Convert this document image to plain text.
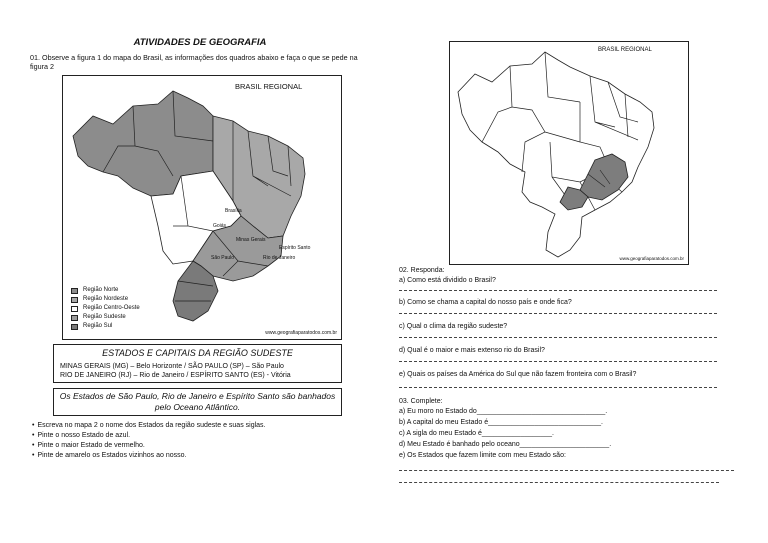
ATIVIDADES DE GEOGRAFIA
01. Observe a figura 1 do mapa do Brasil, as informações dos quadros abaixo e faça o que se pede na figura 2
BRASIL REGIONAL
Brasília
Goiás
Minas Gerais
Espírito Santo
Rio de Janeiro
São Paulo
Região Norte
Região Nordeste
Região Centro-Oeste
Região Sudeste
Região Sul
www.geografiaparatodos.com.br
ESTADOS E CAPITAIS DA REGIÃO SUDESTE
MINAS GERAIS (MG) – Belo Horizonte / SÃO PAULO (SP) – São Paulo
RIO DE JANEIRO (RJ) – Rio de Janeiro / ESPÍRITO SANTO (ES) - Vitória
Os Estados de São Paulo, Rio de Janeiro e Espírito Santo são banhados pelo Oceano Atlântico.
• Escreva no mapa 2 o nome dos Estados da região sudeste e suas siglas.
• Pinte o nosso Estado de azul.
• Pinte o maior Estado de vermelho.
• Pinte de amarelo os Estados vizinhos ao nosso.
BRASIL REGIONAL
www.geografiaparatodos.com.br
02. Responda:
a) Como está dividido o Brasil?
b) Como se chama a capital do nosso país e onde fica?
c) Qual o clima da região sudeste?
d) Qual é o maior e mais extenso rio do Brasil?
e) Quais os países da América do Sul que não fazem fronteira com o Brasil?
03. Complete:
a) Eu moro no Estado do_________________________________.
b) A capital do meu Estado é_____________________________.
c) A sigla do meu Estado é__________________.
d) Meu Estado é banhado pelo oceano_______________________.
e) Os Estados que fazem limite com meu Estado são:
